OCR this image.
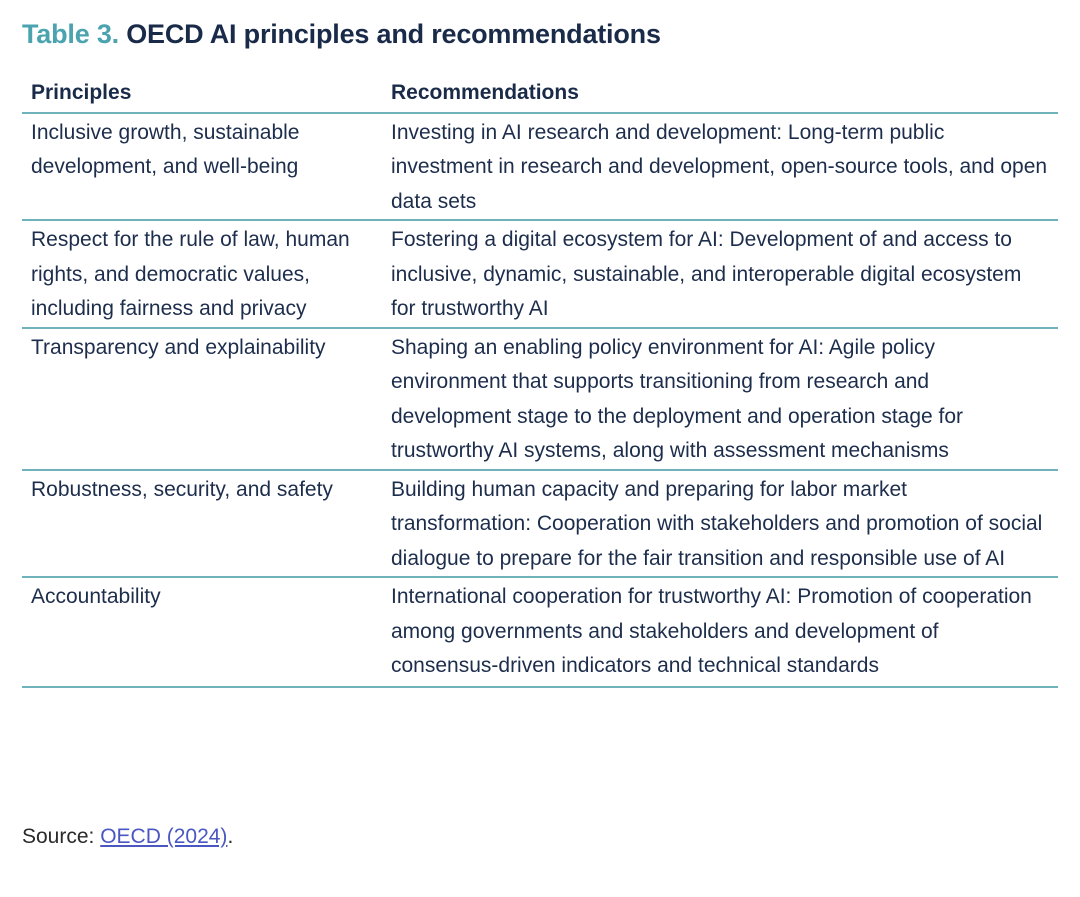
Table 3. OECD AI principles and recommendations
Principles	Recommendations
Inclusive growth, sustainable development, and well-being	Investing in AI research and development: Long-term public investment in research and development, open-source tools, and open data sets
Respect for the rule of law, human rights, and democratic values, including fairness and privacy	Fostering a digital ecosystem for AI: Development of and access to inclusive, dynamic, sustainable, and interoperable digital ecosystem for trustworthy AI
Transparency and explainability	Shaping an enabling policy environment for AI: Agile policy environment that supports transitioning from research and development stage to the deployment and operation stage for trustworthy AI systems, along with assessment mechanisms
Robustness, security, and safety	Building human capacity and preparing for labor market transformation: Cooperation with stakeholders and promotion of social dialogue to prepare for the fair transition and responsible use of AI
Accountability	International cooperation for trustworthy AI: Promotion of cooperation among governments and stakeholders and development of consensus-driven indicators and technical standards
Source: OECD (2024).
